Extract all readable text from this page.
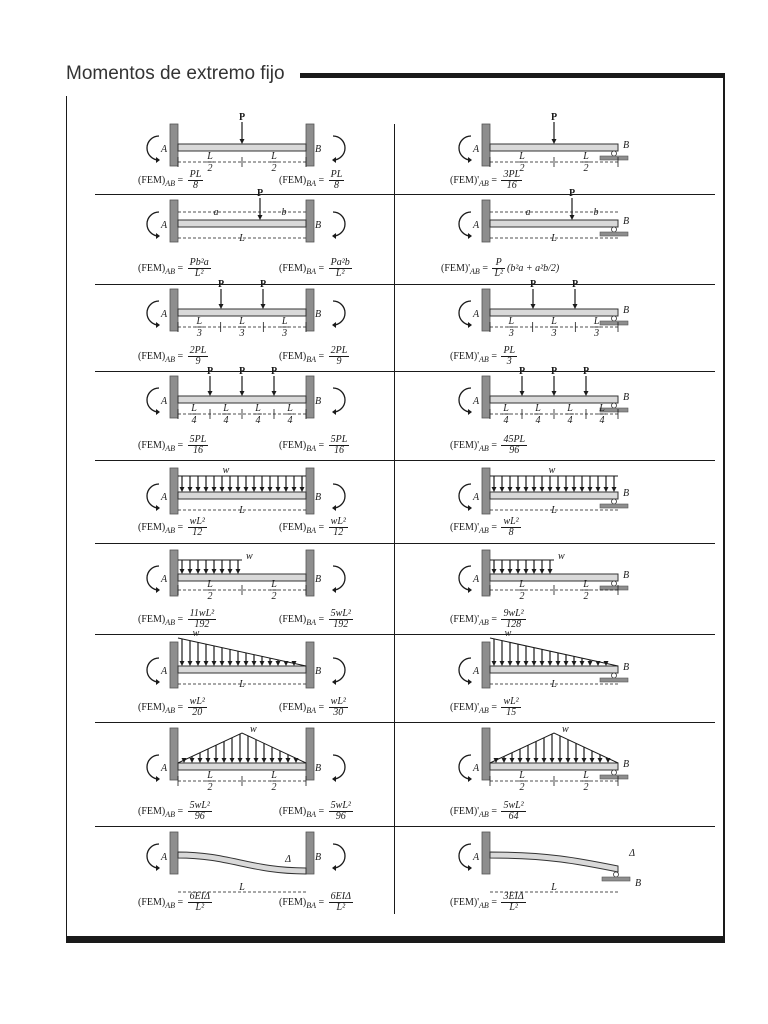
Momentos de extremo fijo
A	B
P
L
2
L
2
$(FEM)_{AB} = \frac{PL}{8}$	$(FEM)_{BA} = \frac{PL}{8}$
A	B
P
L
2
L
2
$(FEM)'_{AB} = \frac{3PL}{16}$
A	B
P
a	b
L
$(FEM)_{AB} = \frac{\text{Pb²a}}{\text{L²}}$	$(FEM)_{BA} = \frac{\text{Pa²b}}{\text{L²}}$
A	B
P
a	b
L
$(FEM)'_{AB} = \frac{P}{\text{L²}} (b^2a + a^2b/2)$
A	B
P	P
L
3
L
3
L
3
$(FEM)_{AB} = \frac{2PL}{9}$	$(FEM)_{BA} = \frac{2PL}{9}$
A	B
P	P
L
3
L
3
L
3
$(FEM)'_{AB} = \frac{PL}{3}$
A	B
P	P	P
L
4
L
4
L
4
L
4
$(FEM)_{AB} = \frac{5PL}{16}$	$(FEM)_{BA} = \frac{5PL}{16}$
A	B
P	P	P
L
4
L
4
L
4
L
4
$(FEM)'_{AB} = \frac{45PL}{96}$
A	B
w
L
$(FEM)_{AB} = \frac{\text{wL²}}{12}$	$(FEM)_{BA} = \frac{\text{wL²}}{12}$
A	B
w
L
$(FEM)'_{AB} = \frac{\text{wL²}}{8}$
A	B
w
L
2
L
2
$(FEM)_{AB} = \frac{\text{11wL²}}{192}$	$(FEM)_{BA} = \frac{\text{5wL²}}{192}$
A	B
w
L
2
L
2
$(FEM)'_{AB} = \frac{\text{9wL²}}{128}$
A	B
w
L
$(FEM)_{AB} = \frac{\text{wL²}}{20}$	$(FEM)_{BA} = \frac{\text{wL²}}{30}$
A	B
w
L
$(FEM)'_{AB} = \frac{\text{wL²}}{15}$
A	B
w
L
2
L
2
$(FEM)_{AB} = \frac{\text{5wL²}}{96}$	$(FEM)_{BA} = \frac{\text{5wL²}}{96}$
A	B
w
L
2
L
2
$(FEM)'_{AB} = \frac{\text{5wL²}}{64}$
A	B
Δ
L
$(FEM)_{AB} = \frac{\text{6EIΔ}}{\text{L²}}$	$(FEM)_{BA} = \frac{\text{6EIΔ}}{\text{L²}}$
A	Δ
B
L
$(FEM)'_{AB} = \frac{\text{3EIΔ}}{\text{L²}}$
